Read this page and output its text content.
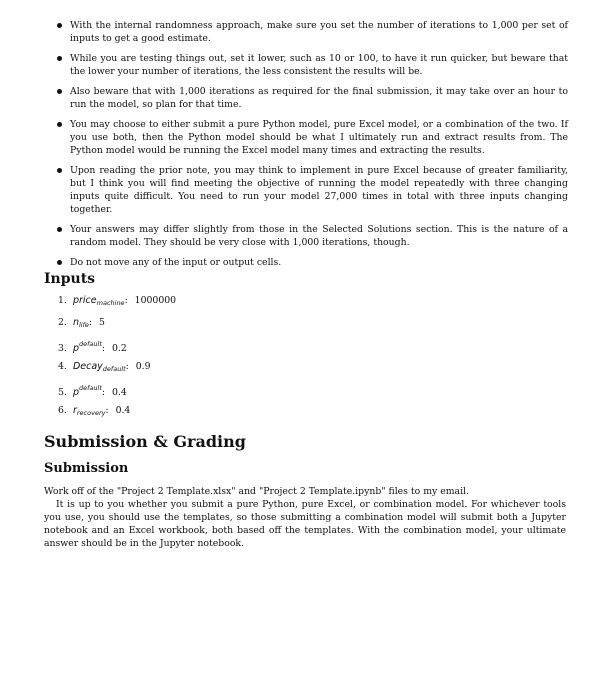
With the internal randomness approach, make sure you set the number of iterations to 1,000 per set of inputs to get a good estimate.
While you are testing things out, set it lower, such as 10 or 100, to have it run quicker, but beware that the lower your number of iterations, the less consistent the results will be.
Also beware that with 1,000 iterations as required for the final submission, it may take over an hour to run the model, so plan for that time.
You may choose to either submit a pure Python model, pure Excel model, or a combination of the two. If you use both, then the Python model should be what I ultimately run and extract results from. The Python model would be running the Excel model many times and extracting the results.
Upon reading the prior note, you may think to implement in pure Excel because of greater familiarity, but I think you will find meeting the objective of running the model repeatedly with three changing inputs quite difficult. You need to run your model 27,000 times in total with three inputs changing together.
Your answers may differ slightly from those in the Selected Solutions section. This is the nature of a random model. They should be very close with 1,000 iterations, though.
Do not move any of the input or output cells.
Inputs
1. price$_{machine}$: 1000000
2. $n_{life}$: 5
3. $p^{default}$: 0.2
4. Decay$_{default}$: 0.9
5. $p^{default}$: 0.4
6. $r_{recovery}$: 0.4
Submission & Grading
Submission

Work off of the "Project 2 Template.xlsx" and "Project 2 Template.ipynb" files to my email.

It is up to you whether you submit a pure Python, pure Excel, or combination model. For whichever tools you use, you should use the templates, so those submitting a combination model will submit both a Jupyter notebook and an Excel workbook, both based off the templates. With the combination model, your ultimate answer should be in the Jupyter notebook.
